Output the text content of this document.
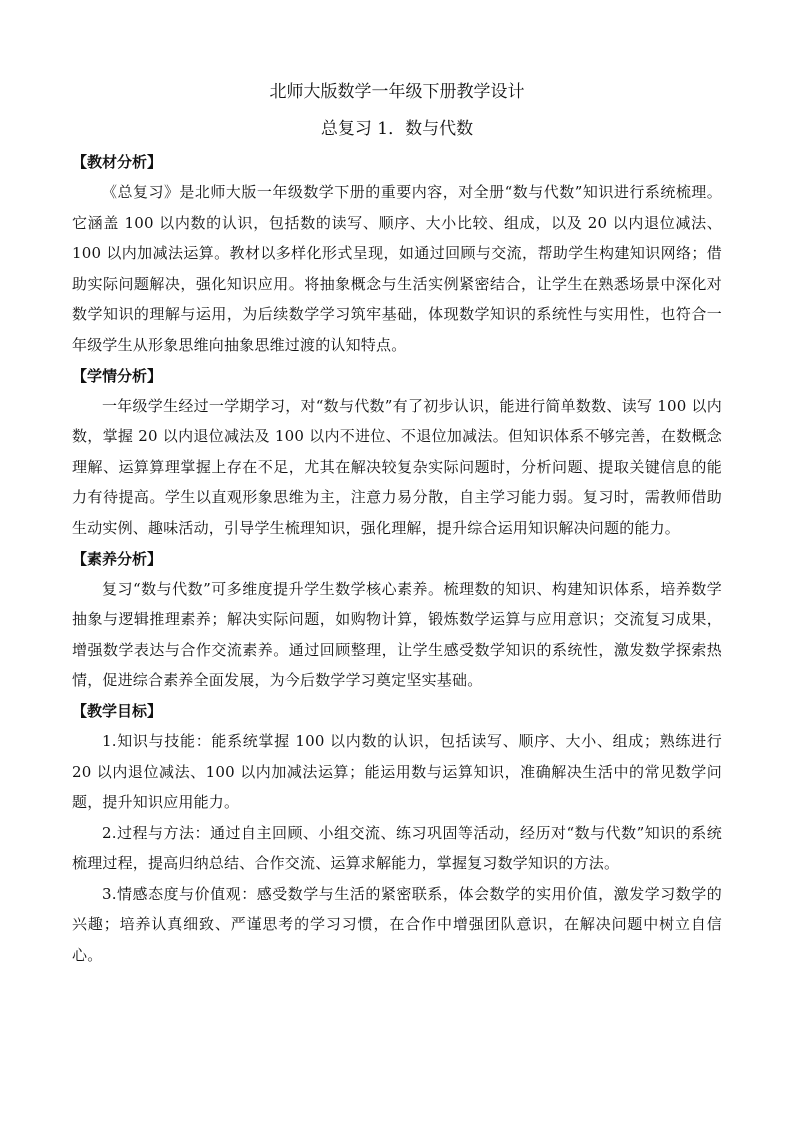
北师大版数学一年级下册教学设计
总复习 1．数与代数
【教材分析】

《总复习》是北师大版一年级数学下册的重要内容，对全册“数与代数”知识进行系统梳理。它涵盖 100 以内数的认识，包括数的读写、顺序、大小比较、组成，以及 20 以内退位减法、100 以内加减法运算。教材以多样化形式呈现，如通过回顾与交流，帮助学生构建知识网络；借助实际问题解决，强化知识应用。将抽象概念与生活实例紧密结合，让学生在熟悉场景中深化对数学知识的理解与运用，为后续数学学习筑牢基础，体现数学知识的系统性与实用性，也符合一年级学生从形象思维向抽象思维过渡的认知特点。

【学情分析】

一年级学生经过一学期学习，对“数与代数”有了初步认识，能进行简单数数、读写 100 以内数，掌握 20 以内退位减法及 100 以内不进位、不退位加减法。但知识体系不够完善，在数概念理解、运算算理掌握上存在不足，尤其在解决较复杂实际问题时，分析问题、提取关键信息的能力有待提高。学生以直观形象思维为主，注意力易分散，自主学习能力弱。复习时，需教师借助生动实例、趣味活动，引导学生梳理知识，强化理解，提升综合运用知识解决问题的能力。

【素养分析】

复习“数与代数”可多维度提升学生数学核心素养。梳理数的知识、构建知识体系，培养数学抽象与逻辑推理素养；解决实际问题，如购物计算，锻炼数学运算与应用意识；交流复习成果，增强数学表达与合作交流素养。通过回顾整理，让学生感受数学知识的系统性，激发数学探索热情，促进综合素养全面发展，为今后数学学习奠定坚实基础。

【教学目标】

1.知识与技能：能系统掌握 100 以内数的认识，包括读写、顺序、大小、组成；熟练进行 20 以内退位减法、100 以内加减法运算；能运用数与运算知识，准确解决生活中的常见数学问题，提升知识应用能力。

2.过程与方法：通过自主回顾、小组交流、练习巩固等活动，经历对“数与代数”知识的系统梳理过程，提高归纳总结、合作交流、运算求解能力，掌握复习数学知识的方法。

3.情感态度与价值观：感受数学与生活的紧密联系，体会数学的实用价值，激发学习数学的兴趣；培养认真细致、严谨思考的学习习惯，在合作中增强团队意识，在解决问题中树立自信心。
